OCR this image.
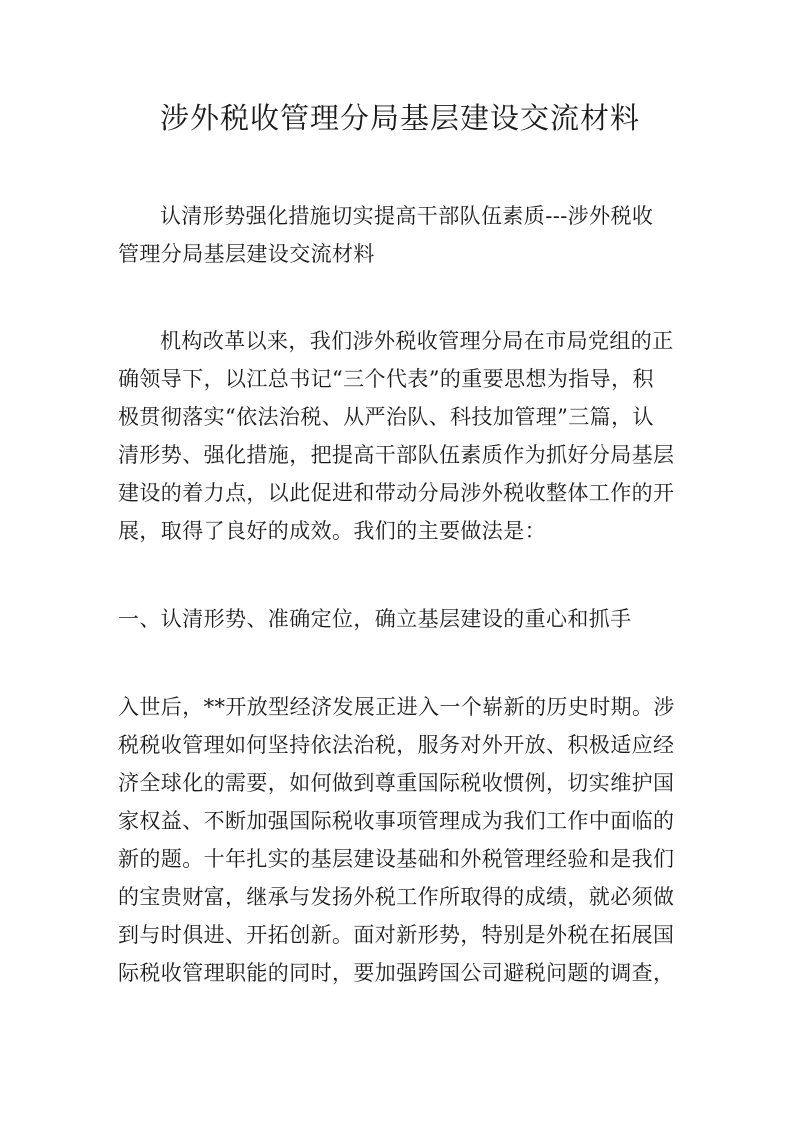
涉外税收管理分局基层建设交流材料

认清形势强化措施切实提高干部队伍素质---涉外税收

管理分局基层建设交流材料

机构改革以来，我们涉外税收管理分局在市局党组的正

确领导下，以江总书记“三个代表”的重要思想为指导，积

极贯彻落实“依法治税、从严治队、科技加管理”三篇，认

清形势、强化措施，把提高干部队伍素质作为抓好分局基层

建设的着力点，以此促进和带动分局涉外税收整体工作的开

展，取得了良好的成效。我们的主要做法是：

一、认清形势、准确定位，确立基层建设的重心和抓手

入世后，**开放型经济发展正进入一个崭新的历史时期。涉

税税收管理如何坚持依法治税，服务对外开放、积极适应经

济全球化的需要，如何做到尊重国际税收惯例，切实维护国

家权益、不断加强国际税收事项管理成为我们工作中面临的

新的题。十年扎实的基层建设基础和外税管理经验和是我们

的宝贵财富，继承与发扬外税工作所取得的成绩，就必须做

到与时俱进、开拓创新。面对新形势，特别是外税在拓展国

际税收管理职能的同时，要加强跨国公司避税问题的调查，
